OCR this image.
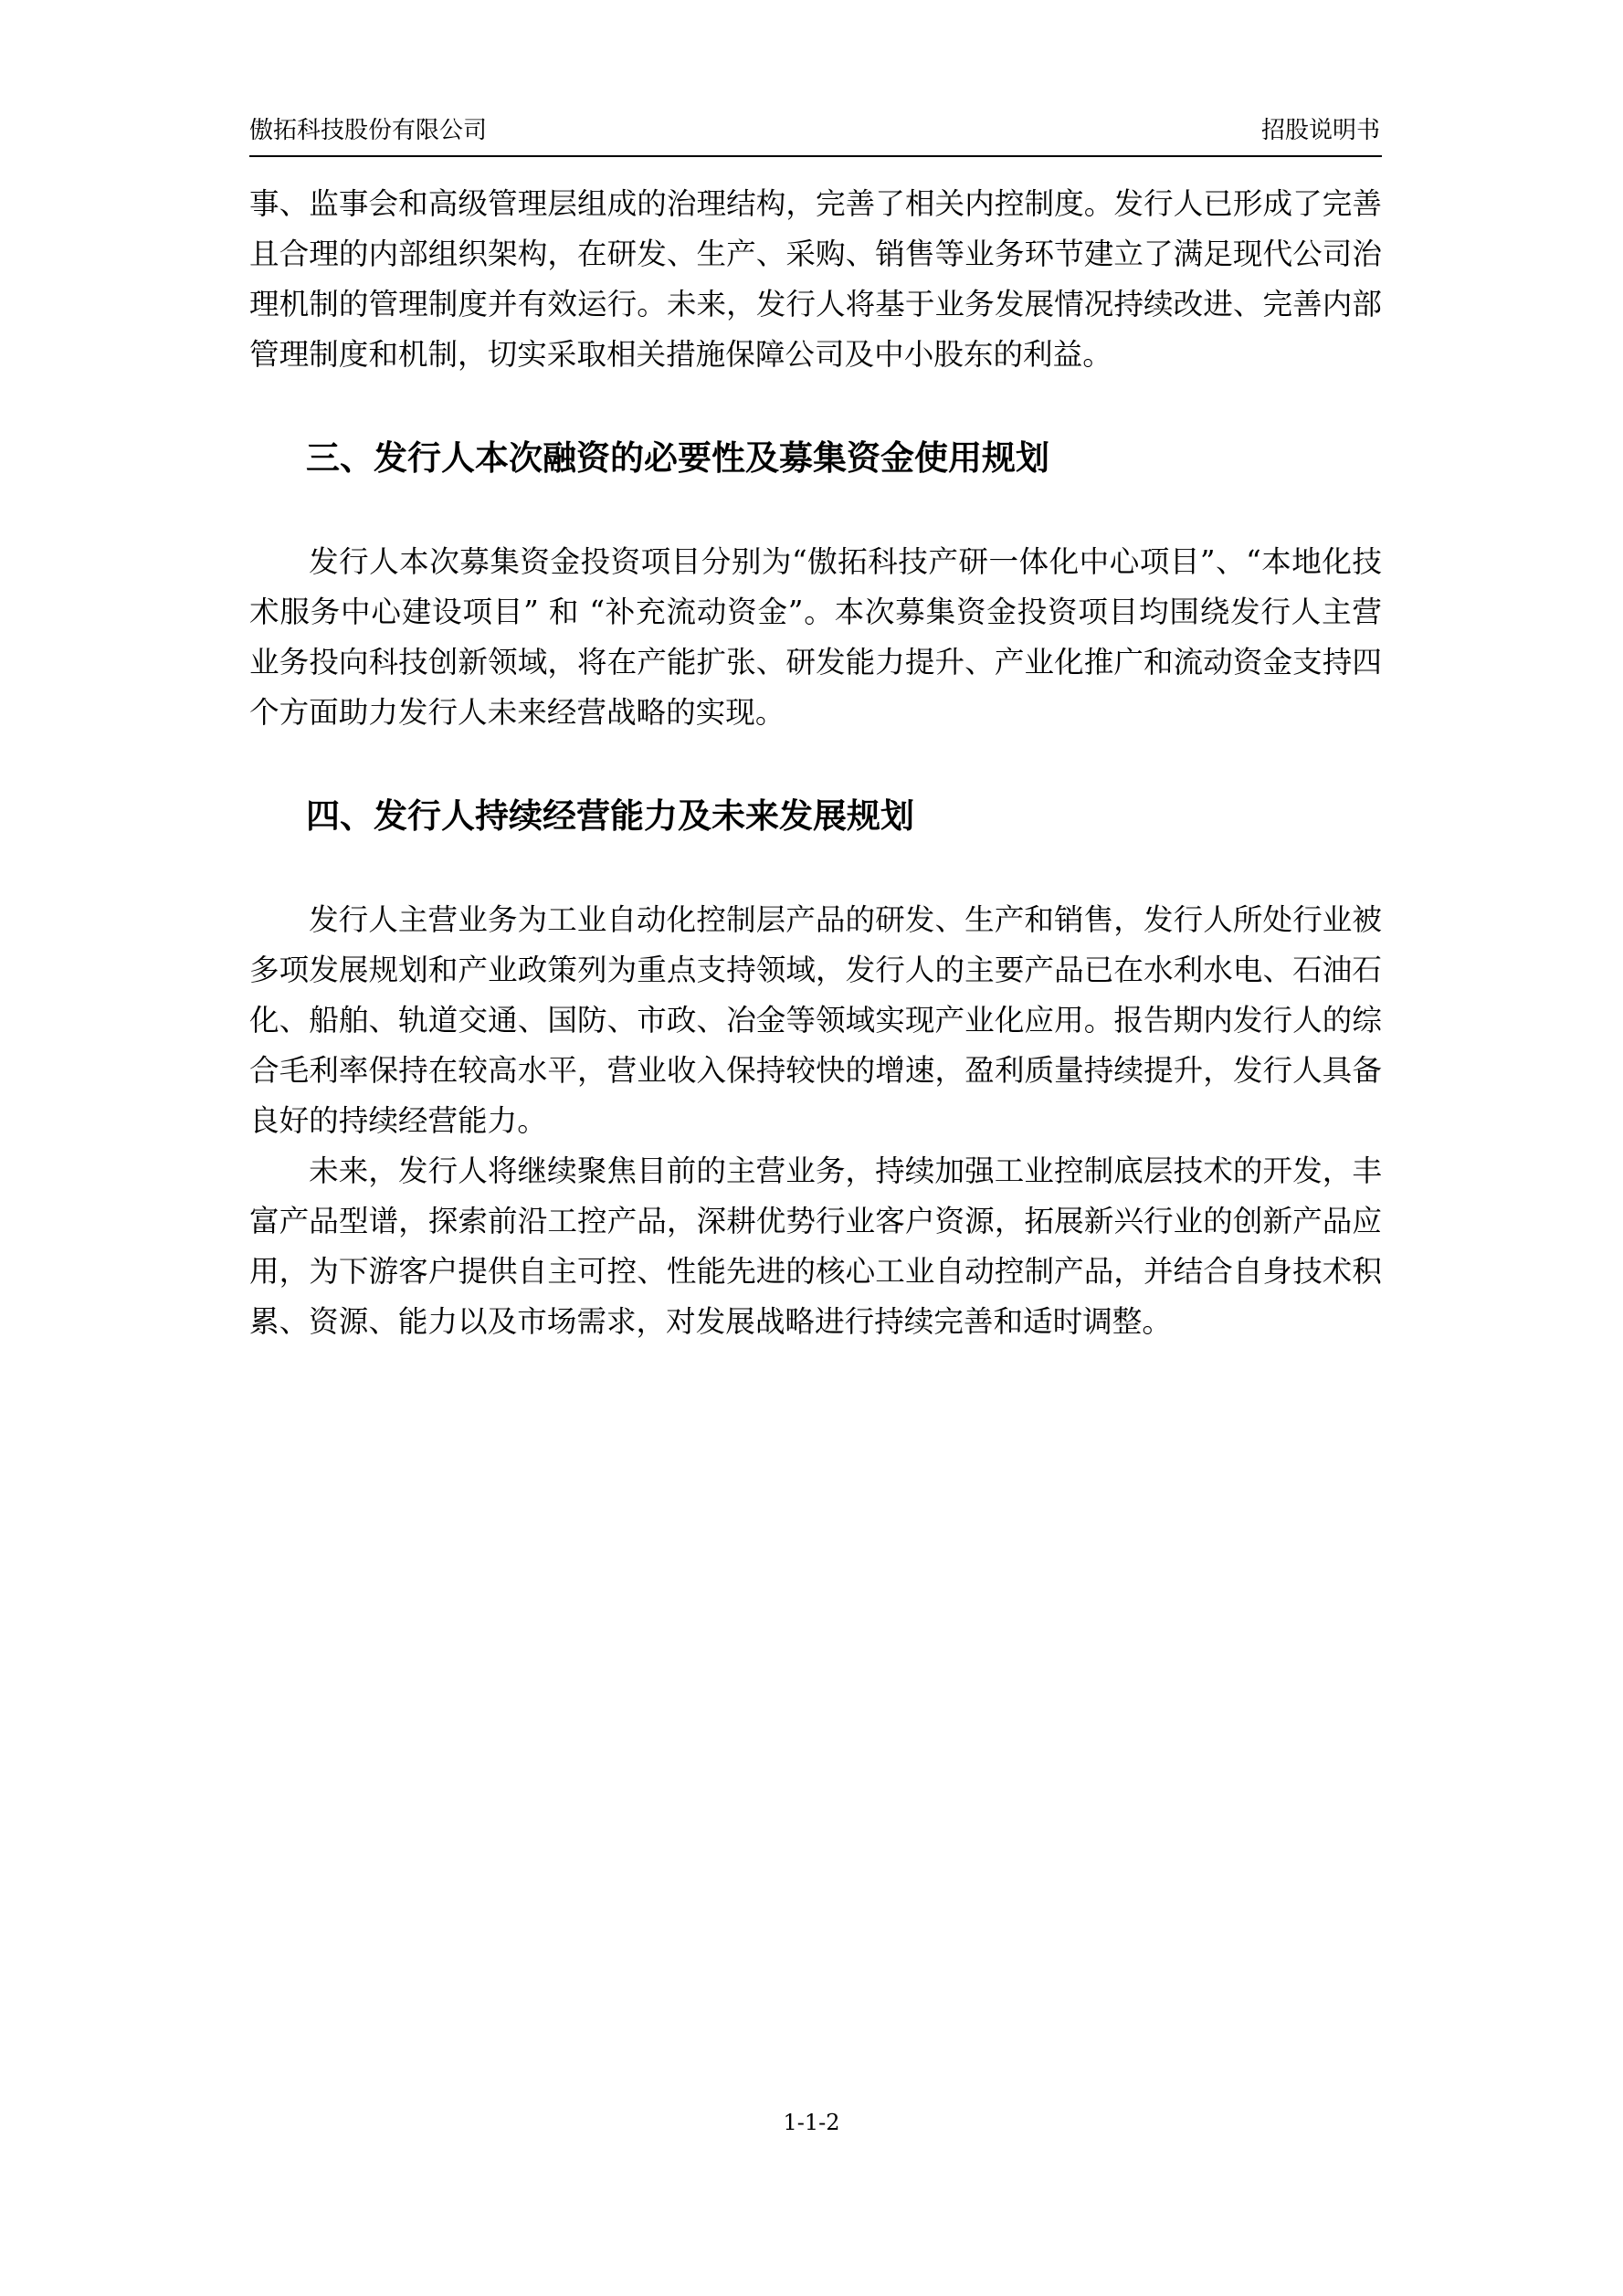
傲拓科技股份有限公司	招股说明书

事、监事会和高级管理层组成的治理结构，完善了相关内控制度。发行人已形成了完善且合理的内部组织架构，在研发、生产、采购、销售等业务环节建立了满足现代公司治理机制的管理制度并有效运行。未来，发行人将基于业务发展情况持续改进、完善内部管理制度和机制，切实采取相关措施保障公司及中小股东的利益。

三、发行人本次融资的必要性及募集资金使用规划

发行人本次募集资金投资项目分别为“傲拓科技产研一体化中心项目”、“本地化技术服务中心建设项目” 和 “补充流动资金”。本次募集资金投资项目均围绕发行人主营业务投向科技创新领域，将在产能扩张、研发能力提升、产业化推广和流动资金支持四个方面助力发行人未来经营战略的实现。

四、发行人持续经营能力及未来发展规划

发行人主营业务为工业自动化控制层产品的研发、生产和销售，发行人所处行业被多项发展规划和产业政策列为重点支持领域，发行人的主要产品已在水利水电、石油石化、船舶、轨道交通、国防、市政、冶金等领域实现产业化应用。报告期内发行人的综合毛利率保持在较高水平，营业收入保持较快的增速，盈利质量持续提升，发行人具备良好的持续经营能力。

未来，发行人将继续聚焦目前的主营业务，持续加强工业控制底层技术的开发，丰富产品型谱，探索前沿工控产品，深耕优势行业客户资源，拓展新兴行业的创新产品应用，为下游客户提供自主可控、性能先进的核心工业自动控制产品，并结合自身技术积累、资源、能力以及市场需求，对发展战略进行持续完善和适时调整。

1-1-2
